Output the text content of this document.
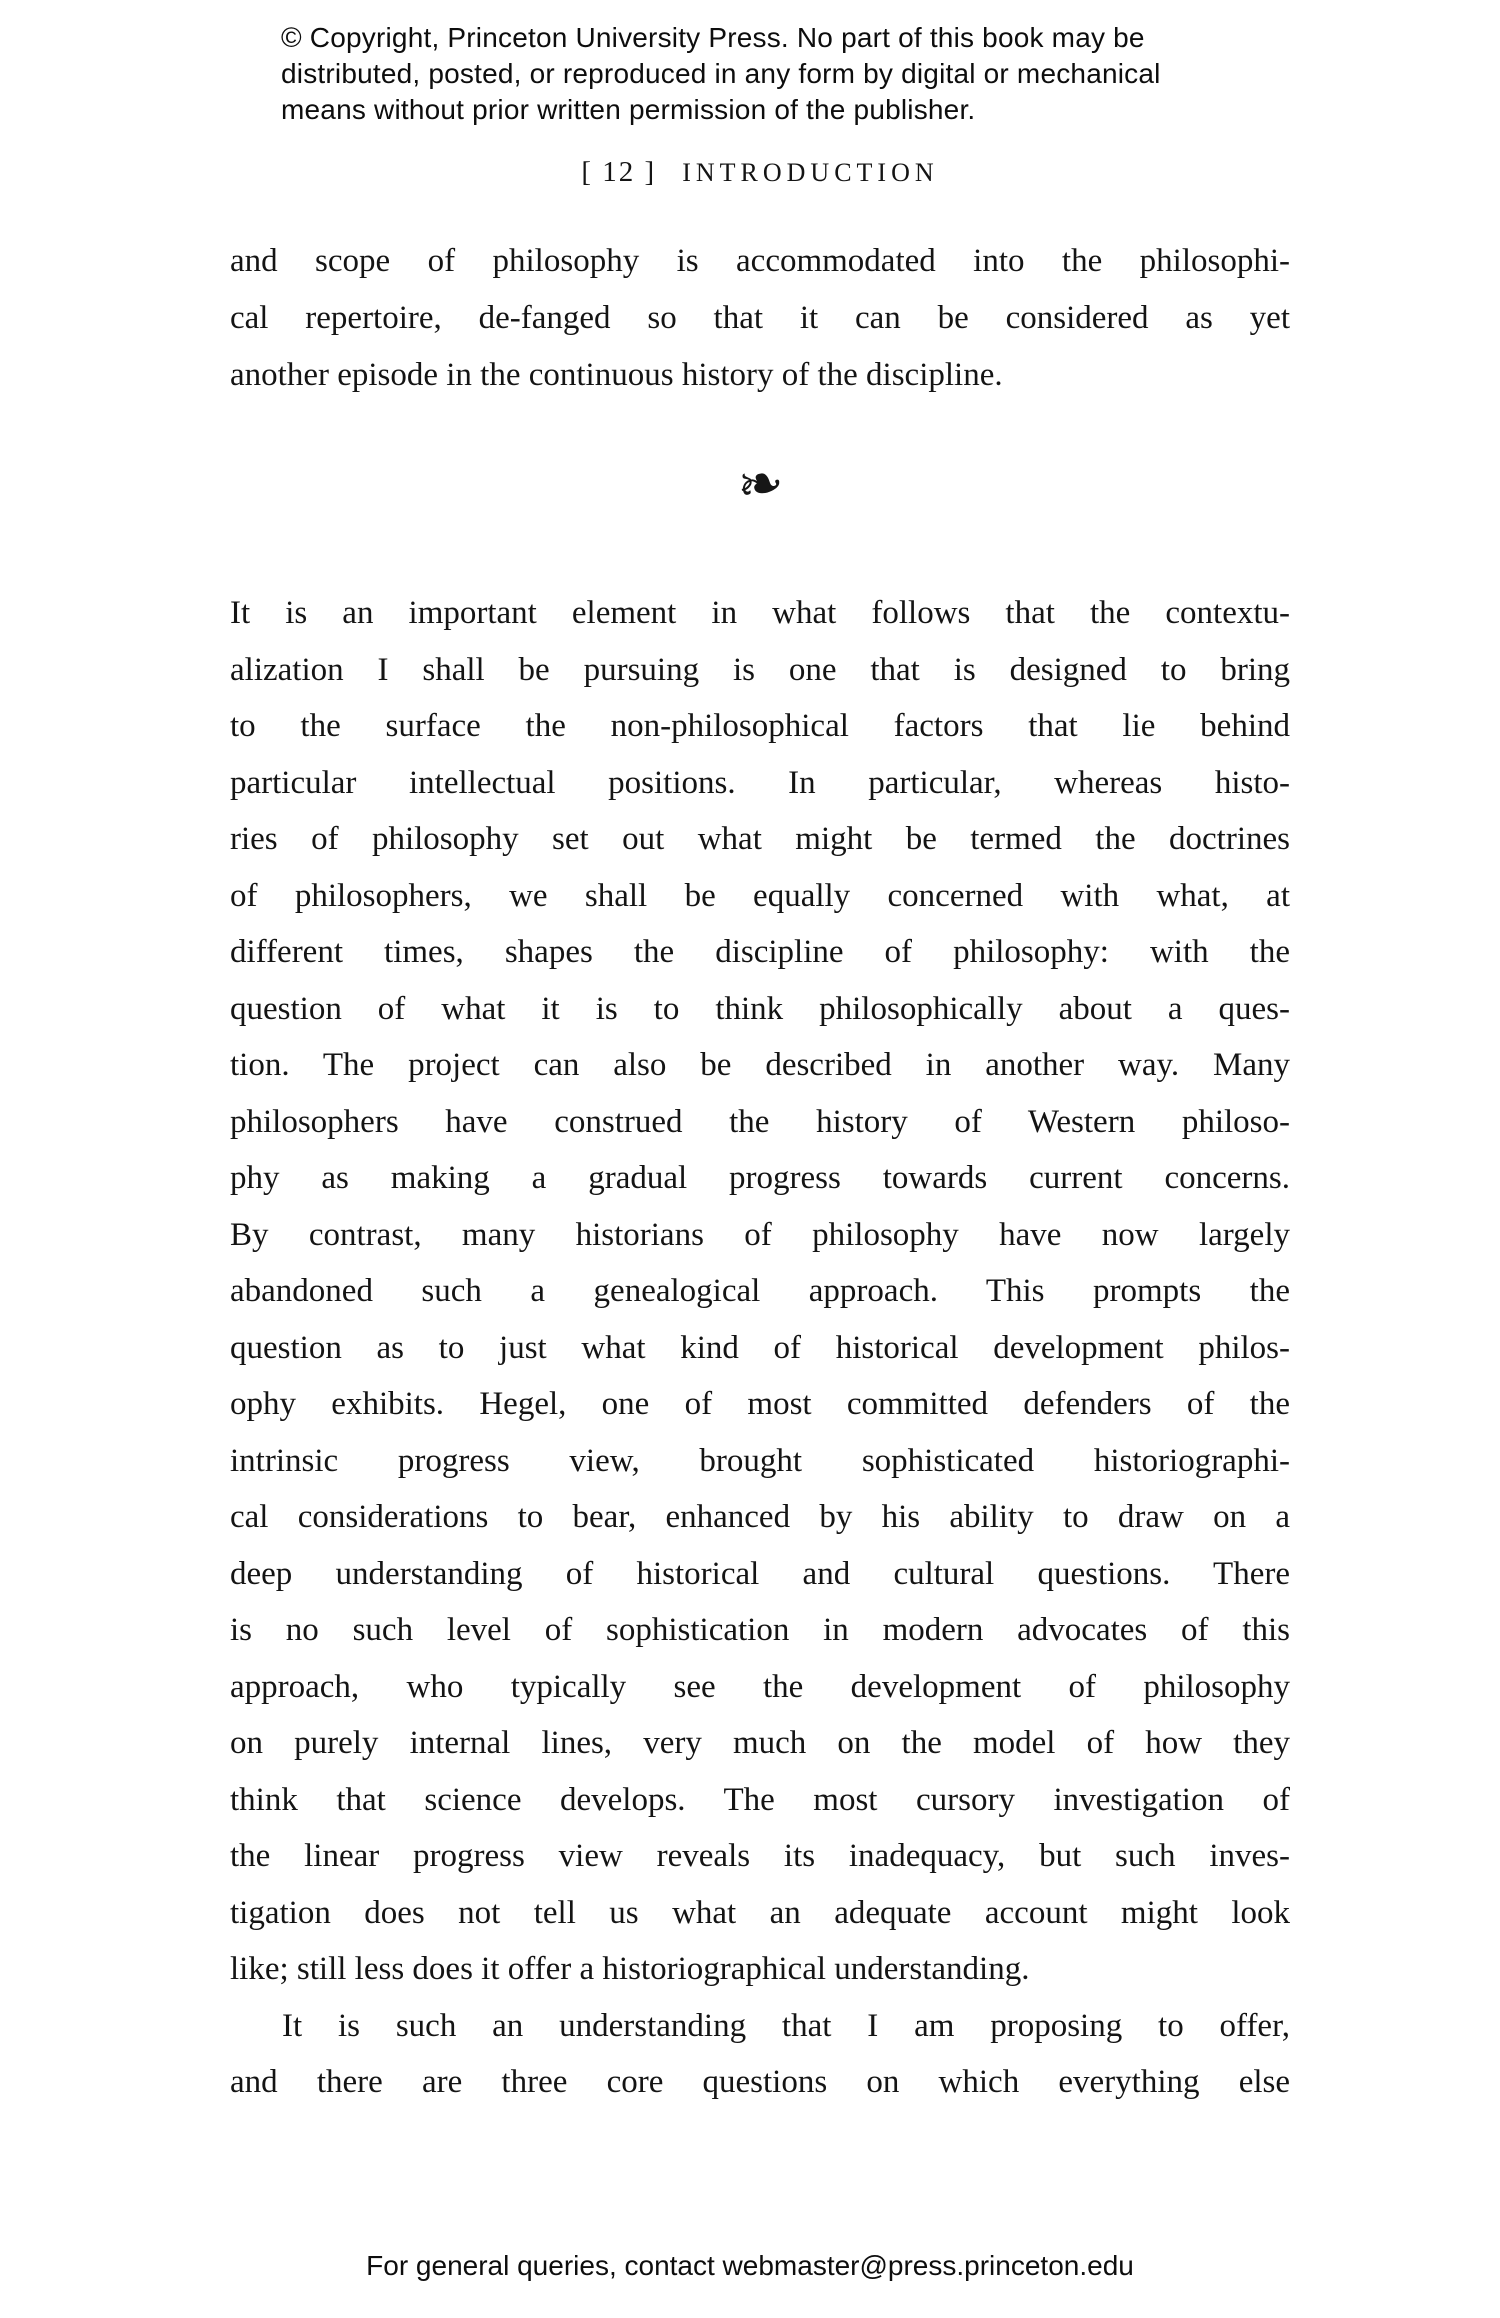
© Copyright, Princeton University Press. No part of this book may be
distributed, posted, or reproduced in any form by digital or mechanical
means without prior written permission of the publisher.
[ 12 ] INTRODUCTION
and scope of philosophy is accommodated into the philosophi-
cal repertoire, de-fanged so that it can be considered as yet
another episode in the continuous history of the discipline.
❧
It is an important element in what follows that the contextu-
alization I shall be pursuing is one that is designed to bring
to the surface the non-philosophical factors that lie behind
particular intellectual positions. In particular, whereas histo-
ries of philosophy set out what might be termed the doctrines
of philosophers, we shall be equally concerned with what, at
different times, shapes the discipline of philosophy: with the
question of what it is to think philosophically about a ques-
tion. The project can also be described in another way. Many
philosophers have construed the history of Western philoso-
phy as making a gradual progress towards current concerns.
By contrast, many historians of philosophy have now largely
abandoned such a genealogical approach. This prompts the
question as to just what kind of historical development philos-
ophy exhibits. Hegel, one of most committed defenders of the
intrinsic progress view, brought sophisticated historiographi-
cal considerations to bear, enhanced by his ability to draw on a
deep understanding of historical and cultural questions. There
is no such level of sophistication in modern advocates of this
approach, who typically see the development of philosophy
on purely internal lines, very much on the model of how they
think that science develops. The most cursory investigation of
the linear progress view reveals its inadequacy, but such inves-
tigation does not tell us what an adequate account might look
like; still less does it offer a historiographical understanding.
It is such an understanding that I am proposing to offer,
and there are three core questions on which everything else
For general queries, contact webmaster@press.princeton.edu
